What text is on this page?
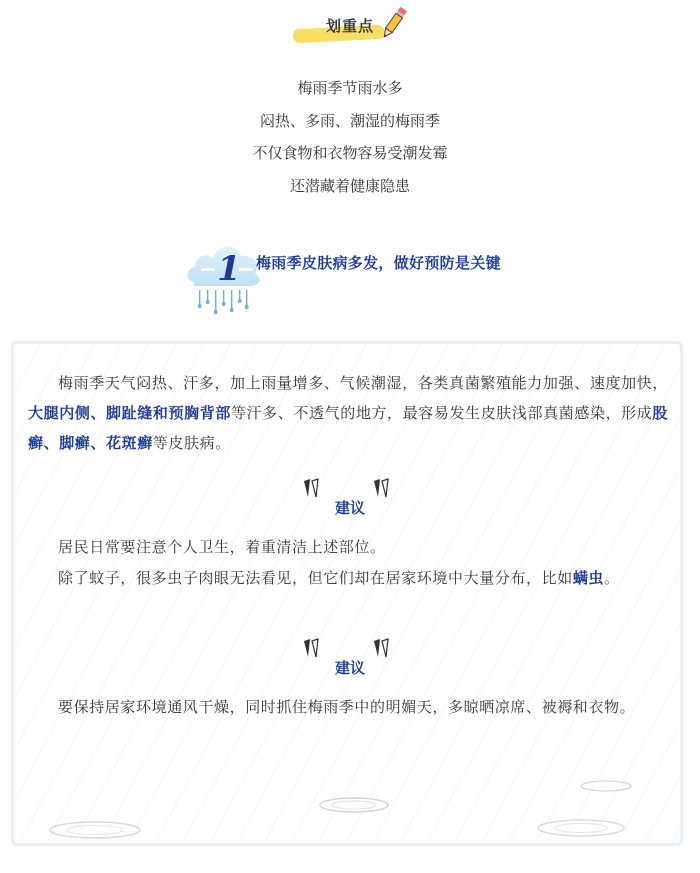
划重点

梅雨季节雨水多

闷热、多雨、潮湿的梅雨季

不仅食物和衣物容易受潮发霉

还潜藏着健康隐患

1 梅雨季皮肤病多发，做好预防是关键

梅雨季天气闷热、汗多，加上雨量增多、气候潮湿，各类真菌繁殖能力加强、速度加快，大腿内侧、脚趾缝和预胸背部等汗多、不透气的地方，最容易发生皮肤浅部真菌感染，形成股癣、脚癣、花斑癣等皮肤病。

建议

居民日常要注意个人卫生，着重清洁上述部位。

除了蚊子，很多虫子肉眼无法看见，但它们却在居家环境中大量分布，比如螨虫。

建议

要保持居家环境通风干燥，同时抓住梅雨季中的明媚天，多晾晒凉席、被褥和衣物。
